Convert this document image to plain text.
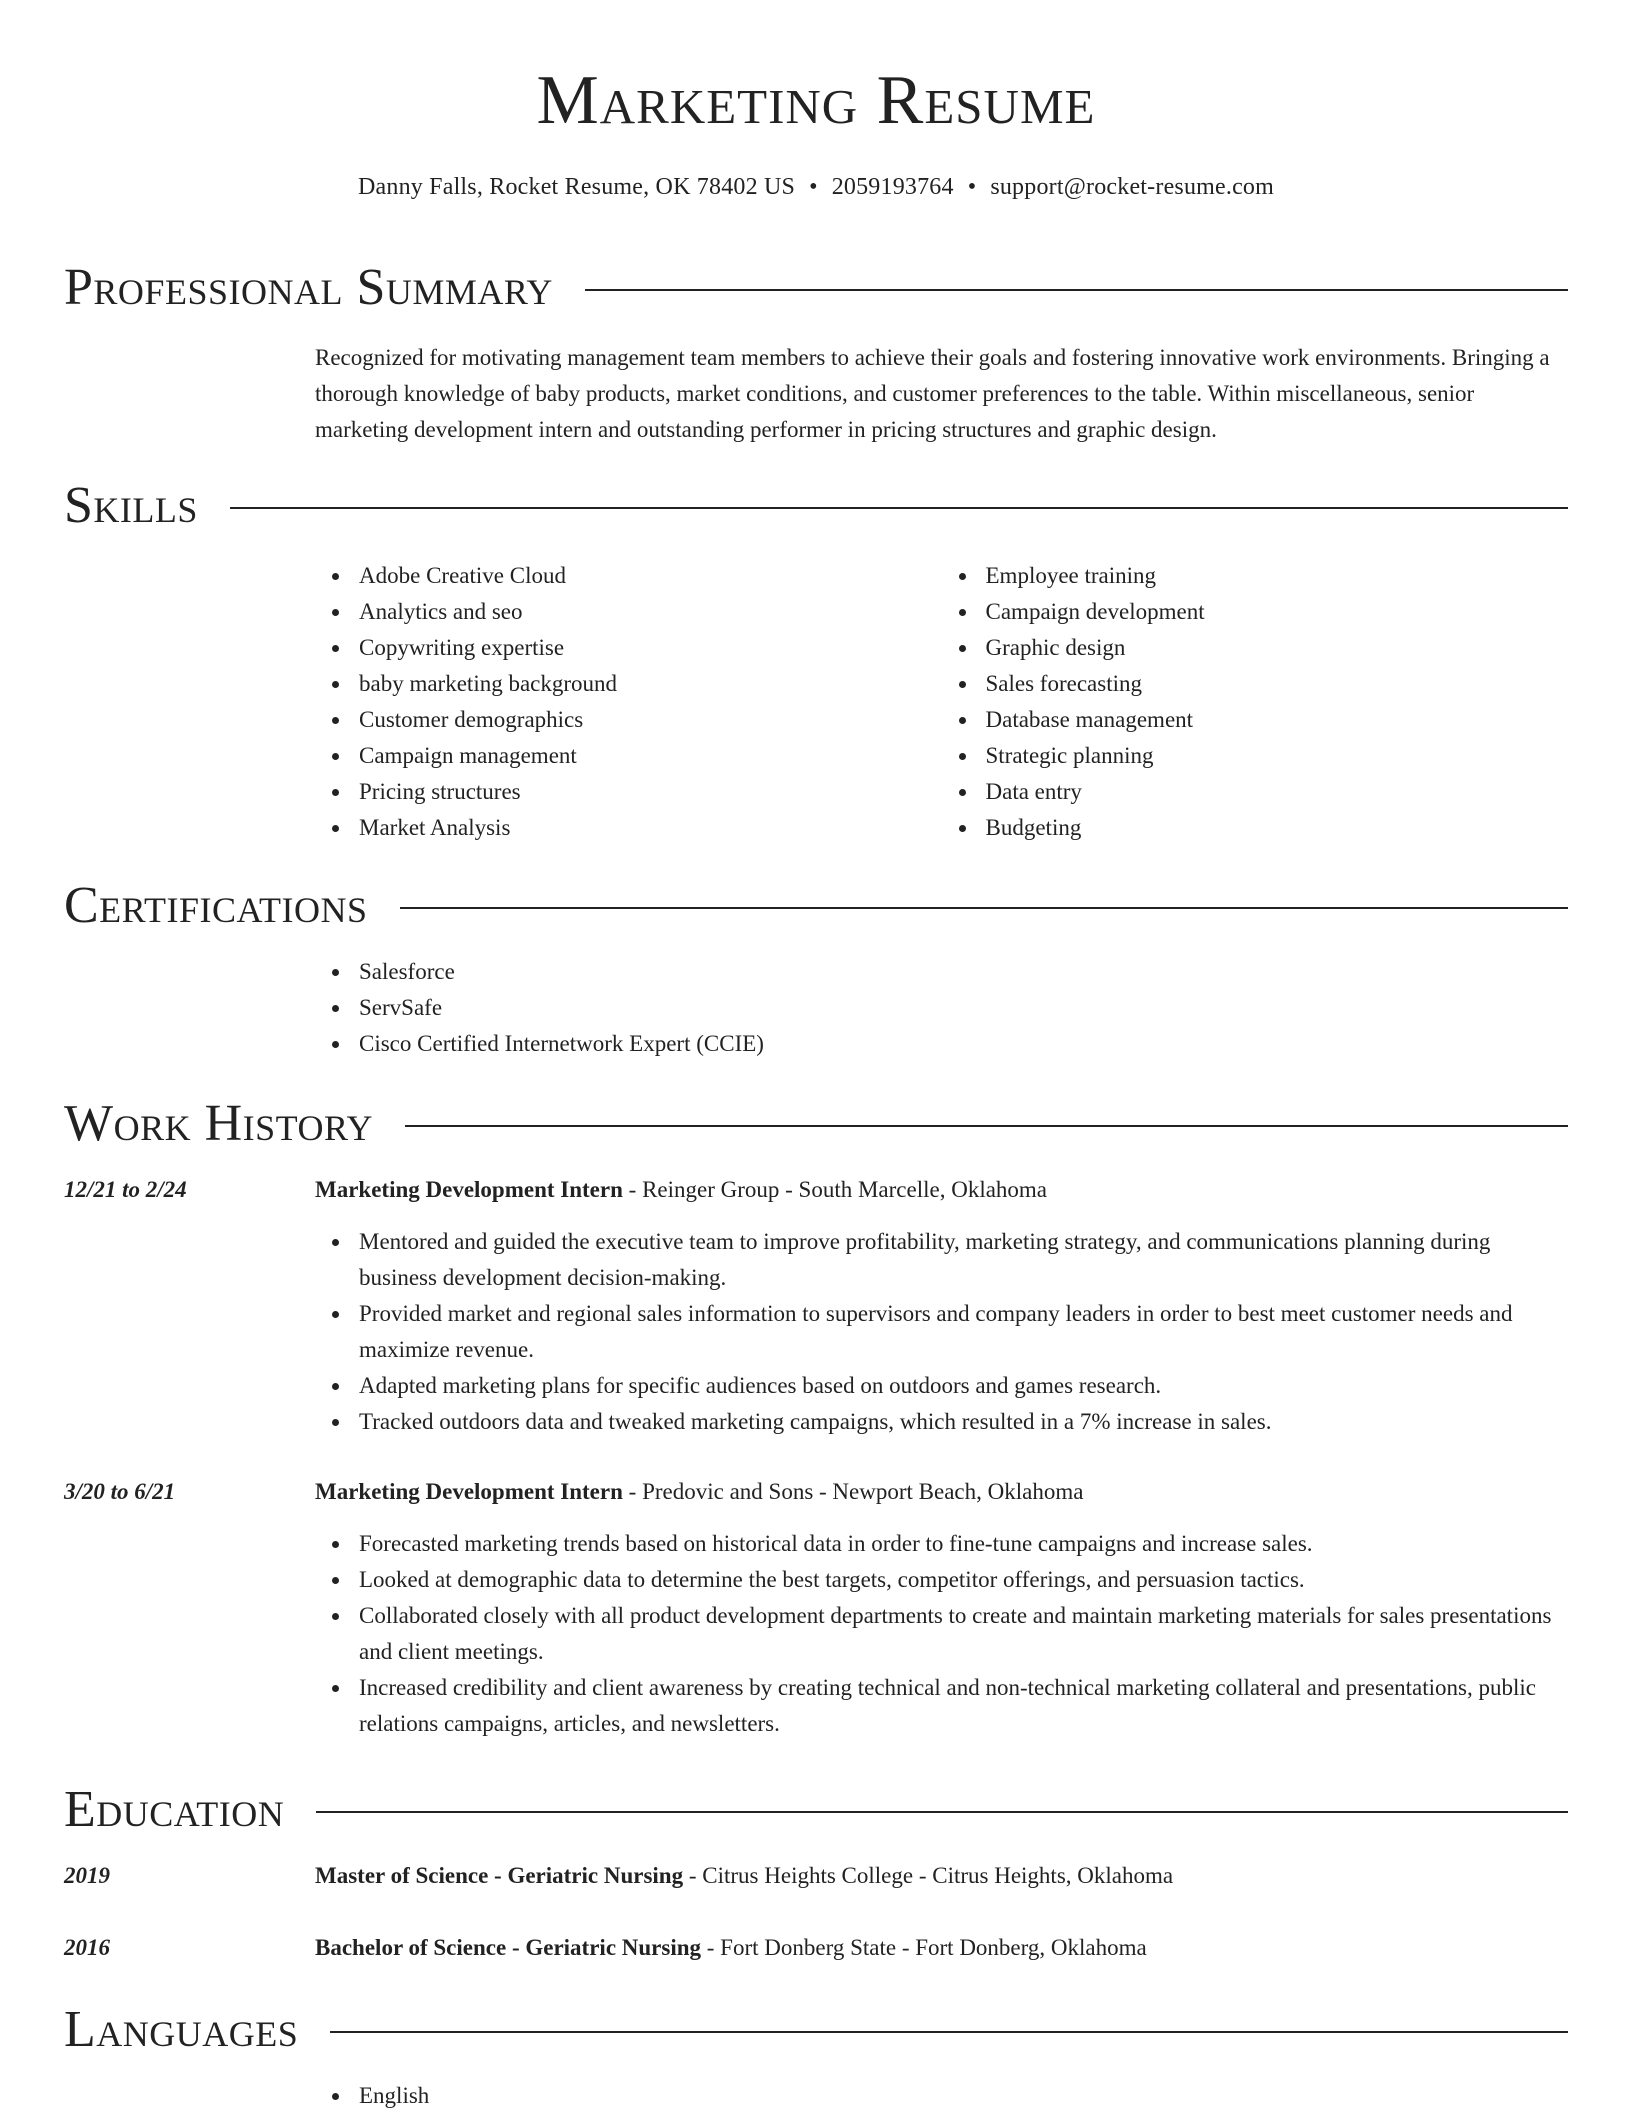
Marketing Resume
Danny Falls, Rocket Resume, OK 78402 US • 2059193764 • support@rocket-resume.com
Professional Summary

Recognized for motivating management team members to achieve their goals and fostering innovative work environments. Bringing a thorough knowledge of baby products, market conditions, and customer preferences to the table. Within miscellaneous, senior marketing development intern and outstanding performer in pricing structures and graphic design.

Skills
Adobe Creative Cloud
Analytics and seo
Copywriting expertise
baby marketing background
Customer demographics
Campaign management
Pricing structures
Market Analysis
Employee training
Campaign development
Graphic design
Sales forecasting
Database management
Strategic planning
Data entry
Budgeting
Certifications
Salesforce
ServSafe
Cisco Certified Internetwork Expert (CCIE)
Work History
12/21 to 2/24	Marketing Development Intern - Reinger Group - South Marcelle, Oklahoma
Mentored and guided the executive team to improve profitability, marketing strategy, and communications planning during business development decision-making.
Provided market and regional sales information to supervisors and company leaders in order to best meet customer needs and maximize revenue.
Adapted marketing plans for specific audiences based on outdoors and games research.
Tracked outdoors data and tweaked marketing campaigns, which resulted in a 7% increase in sales.
3/20 to 6/21	Marketing Development Intern - Predovic and Sons - Newport Beach, Oklahoma
Forecasted marketing trends based on historical data in order to fine-tune campaigns and increase sales.
Looked at demographic data to determine the best targets, competitor offerings, and persuasion tactics.
Collaborated closely with all product development departments to create and maintain marketing materials for sales presentations and client meetings.
Increased credibility and client awareness by creating technical and non-technical marketing collateral and presentations, public relations campaigns, articles, and newsletters.
Education
2019	Master of Science - Geriatric Nursing - Citrus Heights College - Citrus Heights, Oklahoma
2016	Bachelor of Science - Geriatric Nursing - Fort Donberg State - Fort Donberg, Oklahoma
Languages
English
